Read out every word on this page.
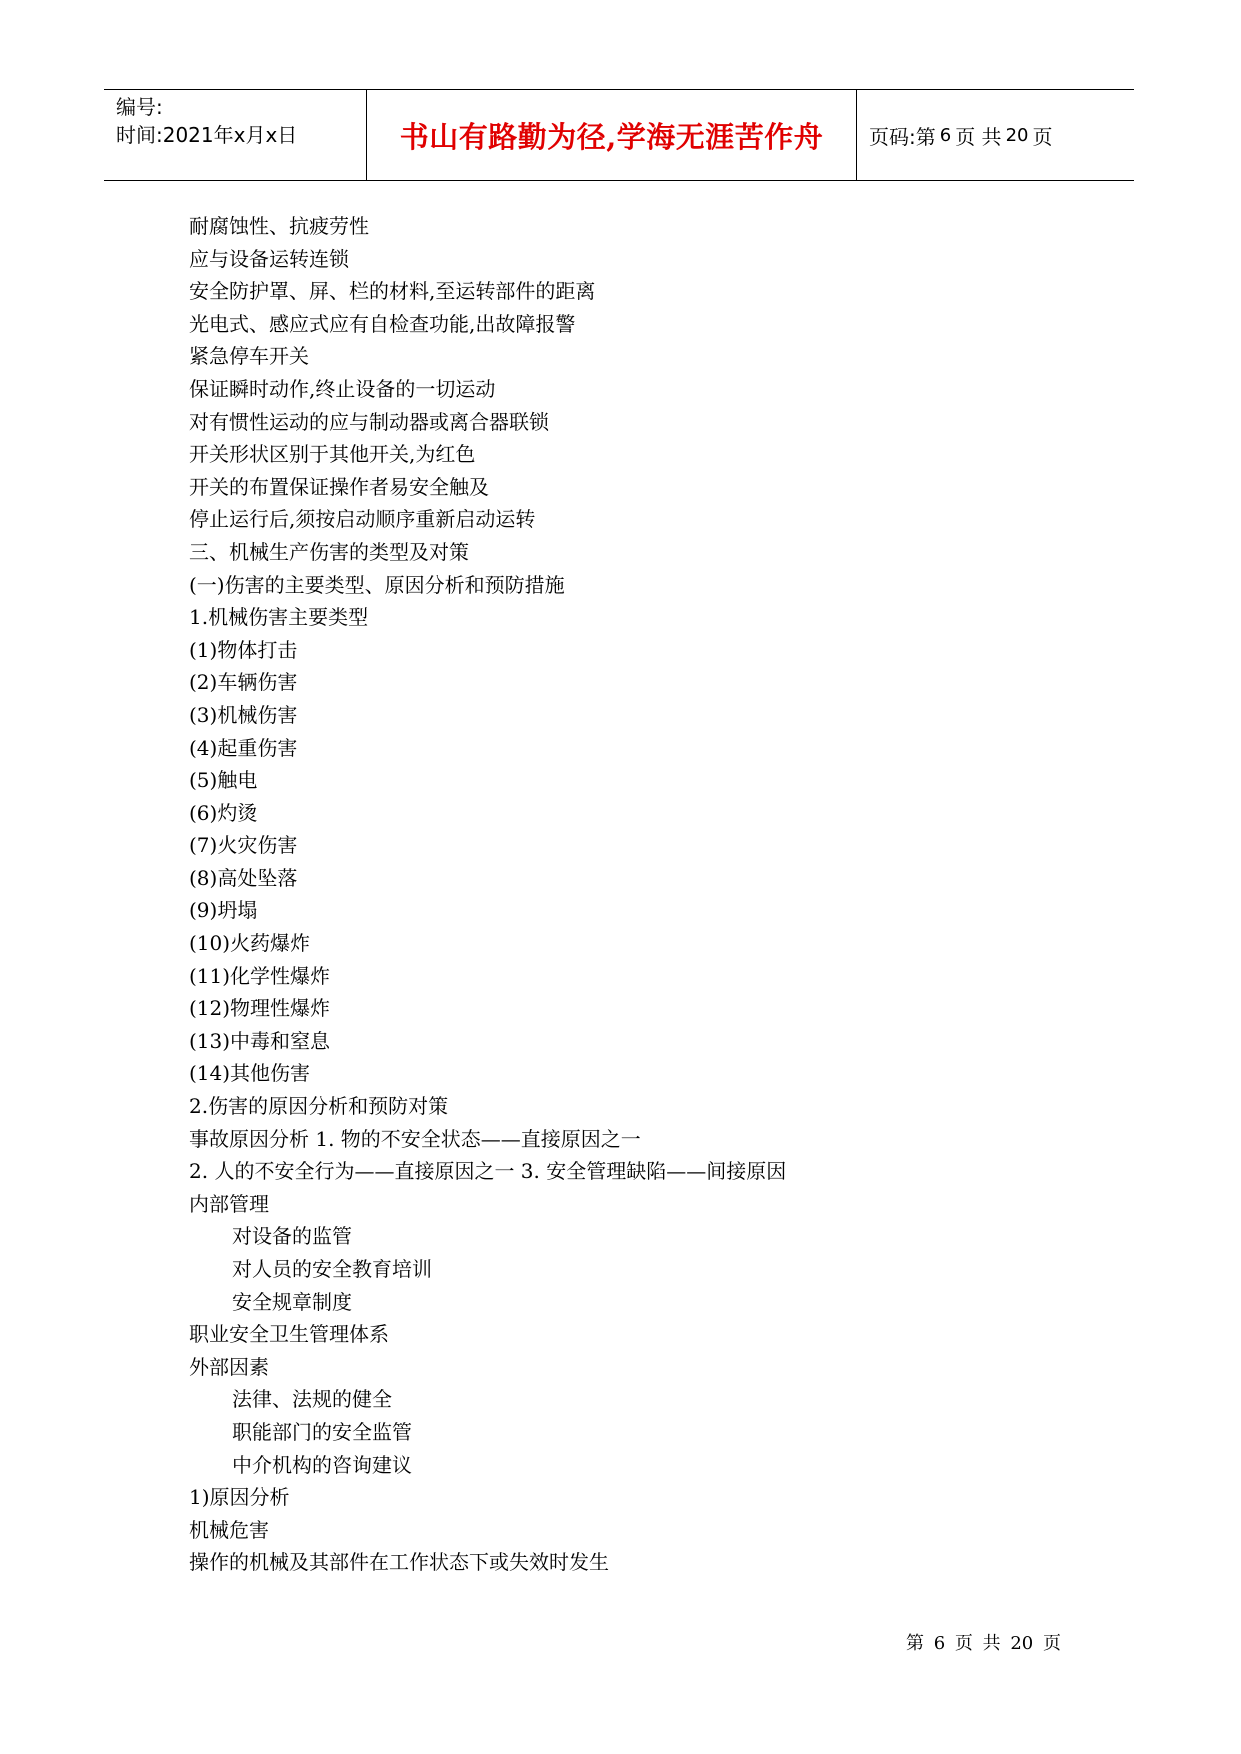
编号:
时间:2021年x月x日	书山有路勤为径,学海无涯苦作舟	页码:第 6 页 共 20 页
耐腐蚀性、抗疲劳性
应与设备运转连锁
安全防护罩、屏、栏的材料,至运转部件的距离
光电式、感应式应有自检查功能,出故障报警
紧急停车开关
保证瞬时动作,终止设备的一切运动
对有惯性运动的应与制动器或离合器联锁
开关形状区别于其他开关,为红色
开关的布置保证操作者易安全触及
停止运行后,须按启动顺序重新启动运转
三、机械生产伤害的类型及对策
(一)伤害的主要类型、原因分析和预防措施
1.机械伤害主要类型
(1)物体打击
(2)车辆伤害
(3)机械伤害
(4)起重伤害
(5)触电
(6)灼烫
(7)火灾伤害
(8)高处坠落
(9)坍塌
(10)火药爆炸
(11)化学性爆炸
(12)物理性爆炸
(13)中毒和窒息
(14)其他伤害
2.伤害的原因分析和预防对策
事故原因分析 1. 物的不安全状态——直接原因之一
2. 人的不安全行为——直接原因之一 3. 安全管理缺陷——间接原因
内部管理
对设备的监管
对人员的安全教育培训
安全规章制度
职业安全卫生管理体系
外部因素
法律、法规的健全
职能部门的安全监管
中介机构的咨询建议
1)原因分析
机械危害
操作的机械及其部件在工作状态下或失效时发生
第 6 页 共 20 页
